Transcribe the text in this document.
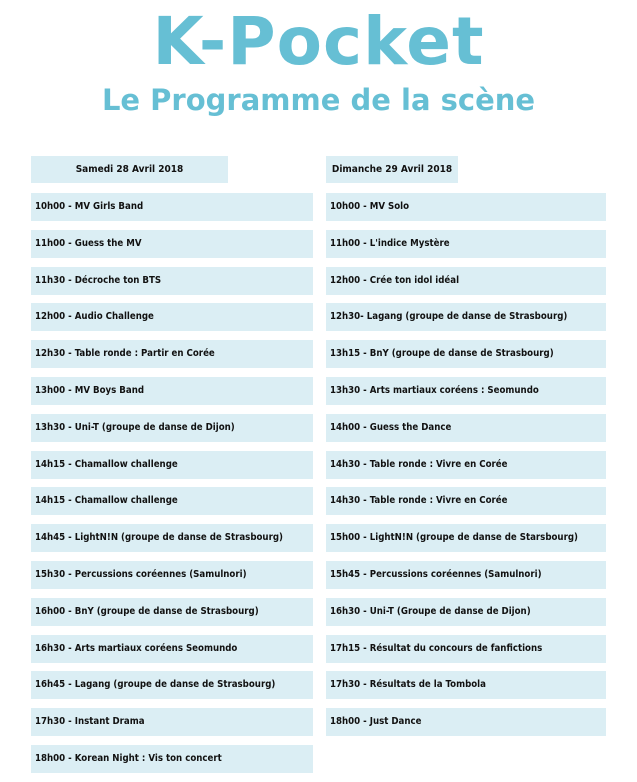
K-Pocket
Le Programme de la scène
Samedi 28 Avril 2018
10h00 - MV Girls Band
11h00 - Guess the MV
11h30 - Décroche ton BTS
12h00 - Audio Challenge
12h30 - Table ronde : Partir en Corée
13h00 - MV Boys Band
13h30 - Uni-T (groupe de danse de Dijon)
14h15 - Chamallow challenge
14h15 - Chamallow challenge
14h45 - LightN!N (groupe de danse de Strasbourg)
15h30 - Percussions coréennes (Samulnori)
16h00 - BnY (groupe de danse de Strasbourg)
16h30 - Arts martiaux coréens Seomundo
16h45 - Lagang (groupe de danse de Strasbourg)
17h30 - Instant Drama
18h00 - Korean Night : Vis ton concert
Dimanche 29 Avril 2018
10h00 - MV Solo
11h00 - L'indice Mystère
12h00 - Crée ton idol idéal
12h30- Lagang (groupe de danse de Strasbourg)
13h15 - BnY (groupe de danse de Strasbourg)
13h30 - Arts martiaux coréens : Seomundo
14h00 - Guess the Dance
14h30 - Table ronde : Vivre en Corée
14h30 - Table ronde : Vivre en Corée
15h00 - LightN!N (groupe de danse de Starsbourg)
15h45 - Percussions coréennes (Samulnori)
16h30 - Uni-T (Groupe de danse de Dijon)
17h15 - Résultat du concours de fanfictions
17h30 - Résultats de la Tombola
18h00 - Just Dance
